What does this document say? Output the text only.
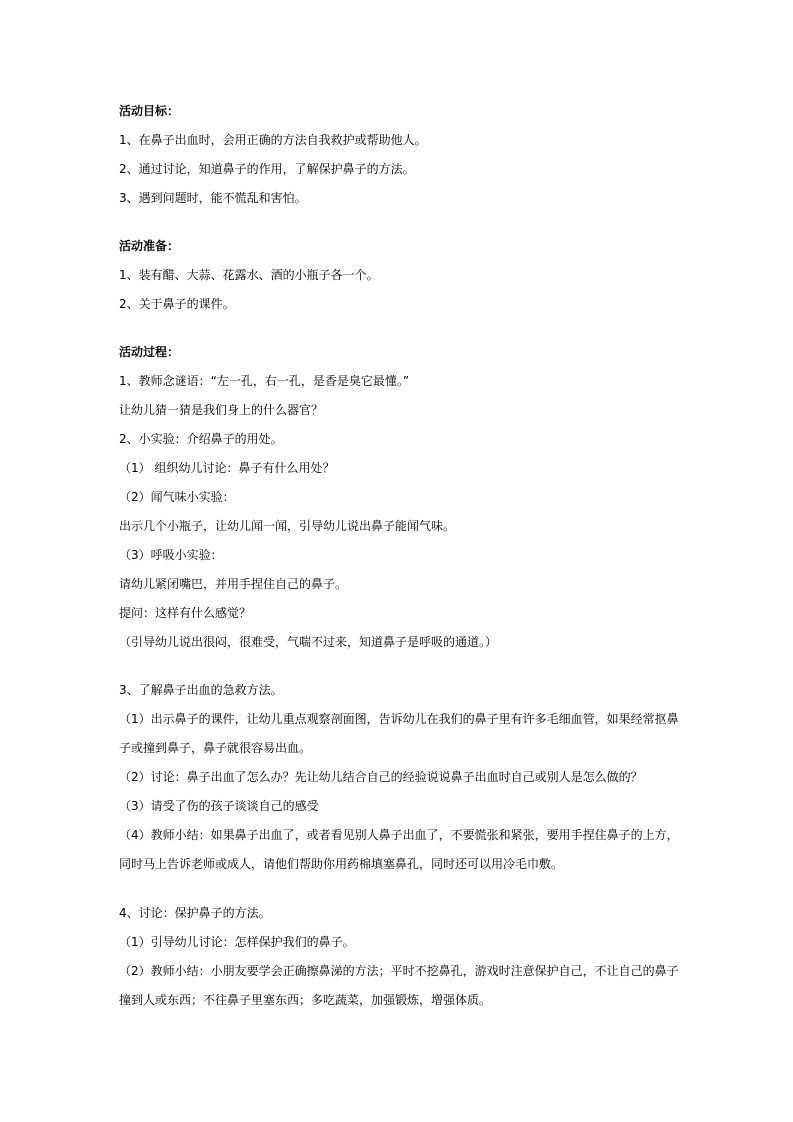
活动目标：
1、在鼻子出血时，会用正确的方法自我救护或帮助他人。
2、通过讨论，知道鼻子的作用，了解保护鼻子的方法。
3、遇到问题时，能不慌乱和害怕。
活动准备：
1、装有醋、大蒜、花露水、酒的小瓶子各一个。
2、关于鼻子的课件。
活动过程：
1、教师念谜语：“左一孔，右一孔，是香是臭它最懂。”
让幼儿猜一猜是我们身上的什么器官？
2、小实验：介绍鼻子的用处。
（1） 组织幼儿讨论：鼻子有什么用处？
（2）闻气味小实验：
出示几个小瓶子，让幼儿闻一闻，引导幼儿说出鼻子能闻气味。
（3）呼吸小实验：
请幼儿紧闭嘴巴，并用手捏住自己的鼻子。
提问：这样有什么感觉？
（引导幼儿说出很闷，很难受，气喘不过来，知道鼻子是呼吸的通道。）
3、了解鼻子出血的急救方法。
（1）出示鼻子的课件，让幼儿重点观察剖面图，告诉幼儿在我们的鼻子里有许多毛细血管，如果经常抠鼻
子或撞到鼻子，鼻子就很容易出血。
（2）讨论：鼻子出血了怎么办？先让幼儿结合自己的经验说说鼻子出血时自己或别人是怎么做的？
（3）请受了伤的孩子谈谈自己的感受
（4）教师小结：如果鼻子出血了，或者看见别人鼻子出血了，不要慌张和紧张，要用手捏住鼻子的上方，
同时马上告诉老师或成人，请他们帮助你用药棉填塞鼻孔，同时还可以用冷毛巾敷。
4、讨论：保护鼻子的方法。
（1）引导幼儿讨论：怎样保护我们的鼻子。
（2）教师小结：小朋友要学会正确擦鼻涕的方法；平时不挖鼻孔，游戏时注意保护自己，不让自己的鼻子
撞到人或东西；不往鼻子里塞东西；多吃蔬菜，加强锻炼，增强体质。
